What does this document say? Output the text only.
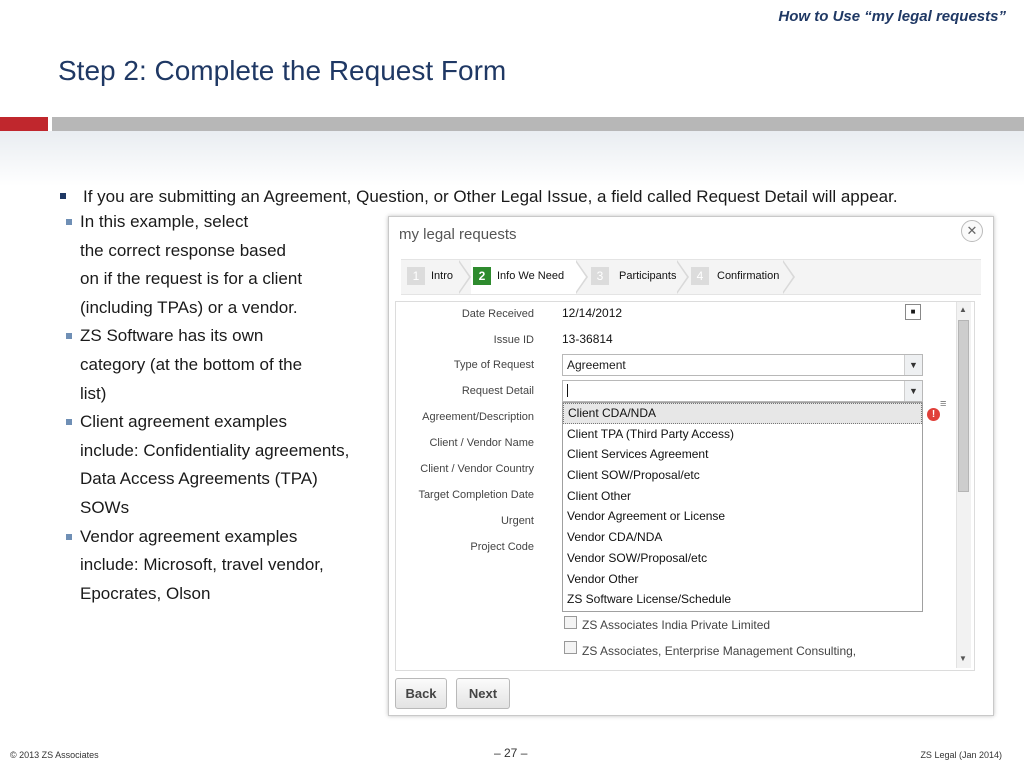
How to Use “my legal requests”
Step 2: Complete the Request Form
If you are submitting an Agreement, Question, or Other Legal Issue, a field called Request Detail will appear.
In this example, select
the correct response based
on if the request is for a client
(including TPAs) or a vendor.
ZS Software has its own
category (at the bottom of the
list)
Client agreement examples
include: Confidentiality agreements,
Data Access Agreements (TPA)
SOWs
Vendor agreement examples
include: Microsoft, travel vendor,
Epocrates, Olson
my legal requests	✕
1	Intro	2	Info We Need	3	Participants	4	Confirmation
Date Received 12/14/2012	■
Issue ID 13-36814
Type of Request	Agreement	▼
Request Detail	▼
Client CDA/NDA
Client TPA (Third Party Access)
Client Services Agreement
Client SOW/Proposal/etc
Client Other
Vendor Agreement or License
Vendor CDA/NDA
Vendor SOW/Proposal/etc
Vendor Other
ZS Software License/Schedule
!
≡
Agreement/Description
Client / Vendor Name
Client / Vendor Country
Target Completion Date
Urgent
Project Code
ZS Associates India Private Limited
ZS Associates, Enterprise Management Consulting,
▲
▼
Back	Next
© 2013 ZS Associates	– 27 –	ZS Legal (Jan 2014)
